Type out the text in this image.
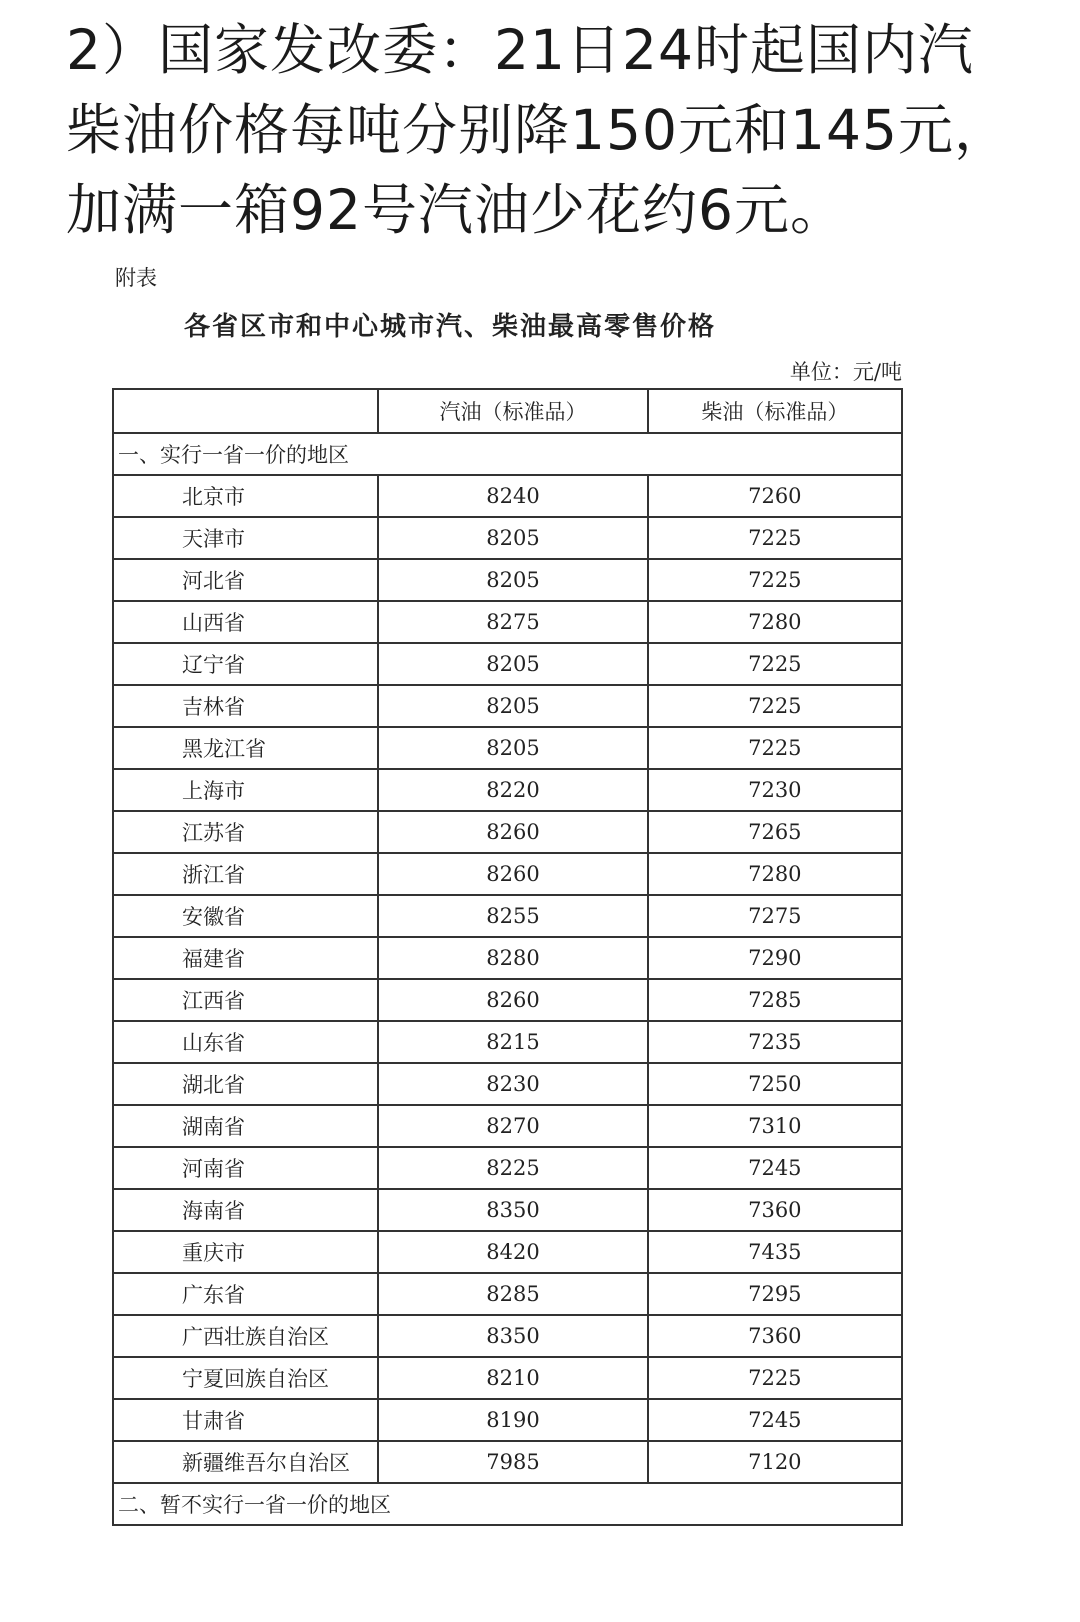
2）国家发改委：21日24时起国内汽柴油价格每吨分别降150元和145元，加满一箱92号汽油少花约6元。

附表
各省区市和中心城市汽、柴油最高零售价格
单位：元/吨
	汽油（标准品）	柴油（标准品）
一、实行一省一价的地区		
北京市	8240	7260
天津市	8205	7225
河北省	8205	7225
山西省	8275	7280
辽宁省	8205	7225
吉林省	8205	7225
黑龙江省	8205	7225
上海市	8220	7230
江苏省	8260	7265
浙江省	8260	7280
安徽省	8255	7275
福建省	8280	7290
江西省	8260	7285
山东省	8215	7235
湖北省	8230	7250
湖南省	8270	7310
河南省	8225	7245
海南省	8350	7360
重庆市	8420	7435
广东省	8285	7295
广西壮族自治区	8350	7360
宁夏回族自治区	8210	7225
甘肃省	8190	7245
新疆维吾尔自治区	7985	7120
二、暂不实行一省一价的地区		
